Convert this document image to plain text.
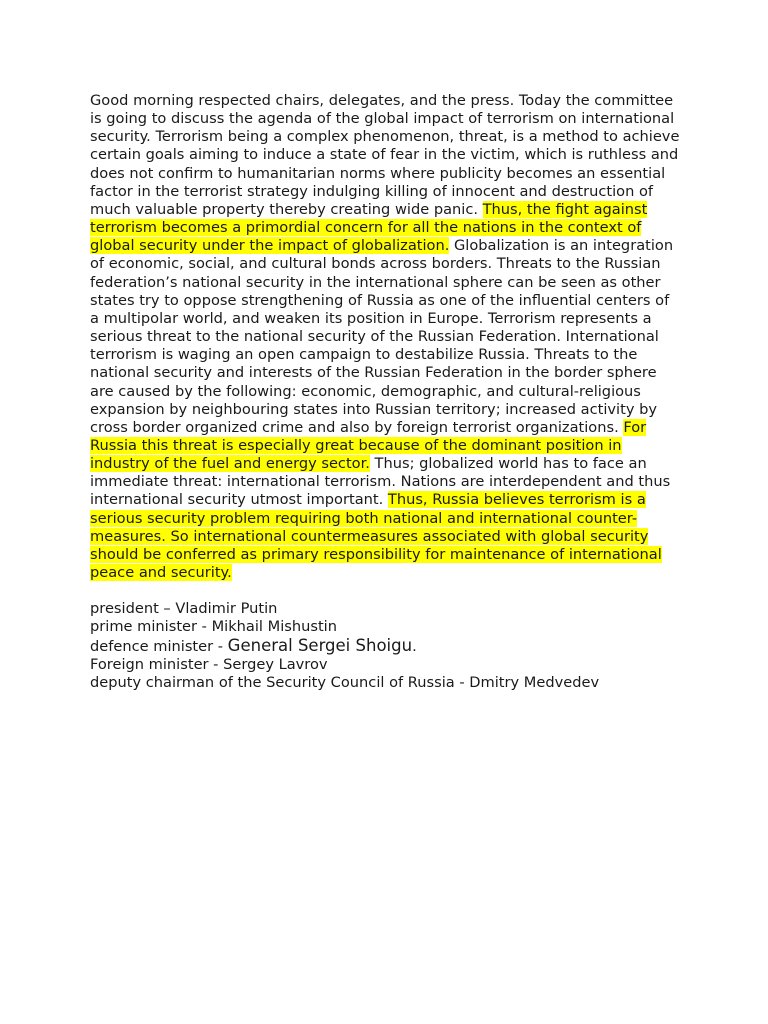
Good morning respected chairs, delegates, and the press. Today the committee is going to discuss the agenda of the global impact of terrorism on international security. Terrorism being a complex phenomenon, threat, is a method to achieve certain goals aiming to induce a state of fear in the victim, which is ruthless and does not confirm to humanitarian norms where publicity becomes an essential factor in the terrorist strategy indulging killing of innocent and destruction of much valuable property thereby creating wide panic. Thus, the fight against terrorism becomes a primordial concern for all the nations in the context of global security under the impact of globalization. Globalization is an integration of economic, social, and cultural bonds across borders. Threats to the Russian federation’s national security in the international sphere can be seen as other states try to oppose strengthening of Russia as one of the influential centers of a multipolar world, and weaken its position in Europe. Terrorism represents a serious threat to the national security of the Russian Federation. International terrorism is waging an open campaign to destabilize Russia. Threats to the national security and interests of the Russian Federation in the border sphere are caused by the following: economic, demographic, and cultural-religious expansion by neighbouring states into Russian territory; increased activity by cross border organized crime and also by foreign terrorist organizations. For Russia this threat is especially great because of the dominant position in industry of the fuel and energy sector. Thus; globalized world has to face an immediate threat: international terrorism. Nations are interdependent and thus international security utmost important. Thus, Russia believes terrorism is a serious security problem requiring both national and international counter-measures. So international countermeasures associated with global security should be conferred as primary responsibility for maintenance of international peace and security.

president – Vladimir Putin
prime minister - Mikhail Mishustin
defence minister - General Sergei Shoigu.
Foreign minister - Sergey Lavrov
deputy chairman of the Security Council of Russia - Dmitry Medvedev
